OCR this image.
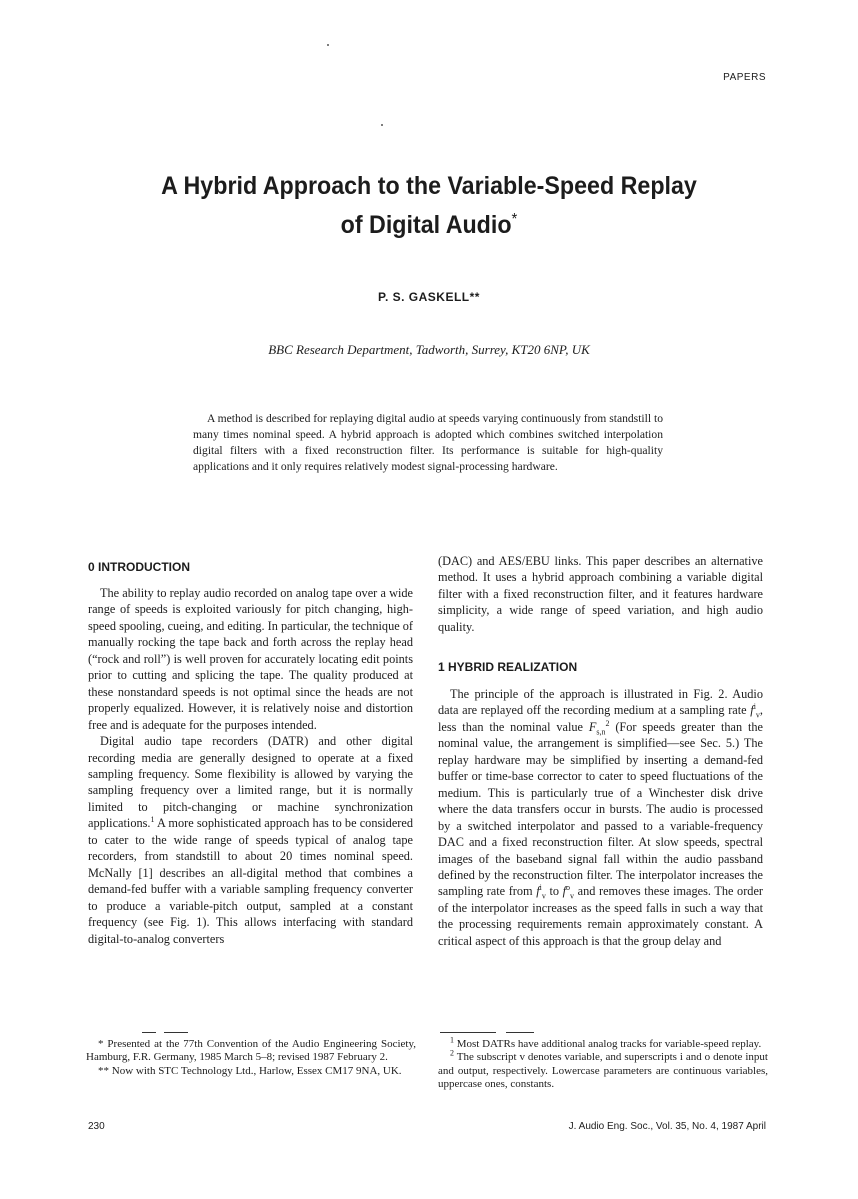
PAPERS
A Hybrid Approach to the Variable-Speed Replay
of Digital Audio*
P. S. GASKELL**
BBC Research Department, Tadworth, Surrey, KT20 6NP, UK

A method is described for replaying digital audio at speeds varying continuously from standstill to many times nominal speed. A hybrid approach is adopted which combines switched interpolation digital filters with a fixed reconstruction filter. Its performance is suitable for high-quality applications and it only requires relatively modest signal-processing hardware.

0 INTRODUCTION

The ability to replay audio recorded on analog tape over a wide range of speeds is exploited variously for pitch changing, high-speed spooling, cueing, and editing. In particular, the technique of manually rocking the tape back and forth across the replay head (“rock and roll”) is well proven for accurately locating edit points prior to cutting and splicing the tape. The quality produced at these nonstandard speeds is not optimal since the heads are not properly equalized. However, it is relatively noise and distortion free and is adequate for the purposes intended.

Digital audio tape recorders (DATR) and other digital recording media are generally designed to operate at a fixed sampling frequency. Some flexibility is allowed by varying the sampling frequency over a limited range, but it is normally limited to pitch-changing or machine synchronization applications.$^1$ A more sophisticated approach has to be considered to cater to the wide range of speeds typical of analog tape recorders, from standstill to about 20 times nominal speed. McNally [1] describes an all-digital method that combines a demand-fed buffer with a variable sampling frequency converter to produce a variable-pitch output, sampled at a constant frequency (see Fig. 1). This allows interfacing with standard digital-to-analog converters

(DAC) and AES/EBU links. This paper describes an alternative method. It uses a hybrid approach combining a variable digital filter with a fixed reconstruction filter, and it features hardware simplicity, a wide range of speed variation, and high audio quality.

1 HYBRID REALIZATION

The principle of the approach is illustrated in Fig. 2. Audio data are replayed off the recording medium at a sampling rate $f^i_v$, less than the nominal value $F_{s,n}^2$ (For speeds greater than the nominal value, the arrangement is simplified—see Sec. 5.) The replay hardware may be simplified by inserting a demand-fed buffer or time-base corrector to cater to speed fluctuations of the medium. This is particularly true of a Winchester disk drive where the data transfers occur in bursts. The audio is processed by a switched interpolator and passed to a variable-frequency DAC and a fixed reconstruction filter. At slow speeds, spectral images of the baseband signal fall within the audio passband defined by the reconstruction filter. The interpolator increases the sampling rate from $f^i_v$ to $f^o_v$ and removes these images. The order of the interpolator increases as the speed falls in such a way that the processing requirements remain approximately constant. A critical aspect of this approach is that the group delay and

* Presented at the 77th Convention of the Audio Engineering Society, Hamburg, F.R. Germany, 1985 March 5–8; revised 1987 February 2.

** Now with STC Technology Ltd., Harlow, Essex CM17 9NA, UK.

$^1$ Most DATRs have additional analog tracks for variable-speed replay.

$^2$ The subscript v denotes variable, and superscripts i and o denote input and output, respectively. Lowercase parameters are continuous variables, uppercase ones, constants.

230	J. Audio Eng. Soc., Vol. 35, No. 4, 1987 April
